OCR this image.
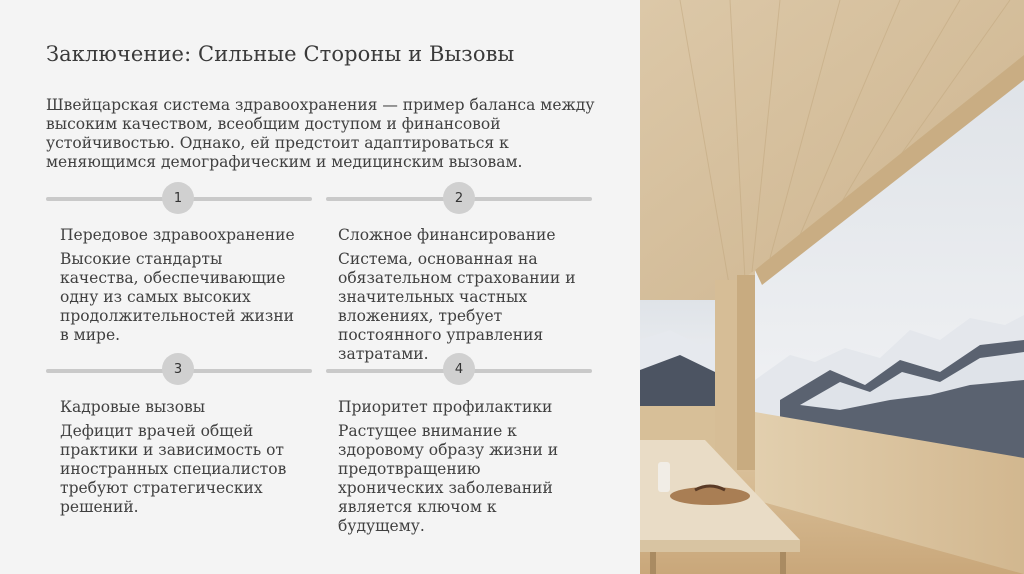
Заключение: Сильные Стороны и Вызовы
Швейцарская система здравоохранения — пример баланса между высоким качеством, всеобщим доступом и финансовой устойчивостью. Однако, ей предстоит адаптироваться к меняющимся демографическим и медицинским вызовам.
1	2
Передовое здравоохранение
Высокие стандарты качества, обеспечивающие одну из самых высоких продолжительностей жизни в мире.
Сложное финансирование
Система, основанная на обязательном страховании и значительных частных вложениях, требует постоянного управления затратами.
3	4
Кадровые вызовы
Дефицит врачей общей практики и зависимость от иностранных специалистов требуют стратегических решений.
Приоритет профилактики
Растущее внимание к здоровому образу жизни и предотвращению хронических заболеваний является ключом к будущему.
